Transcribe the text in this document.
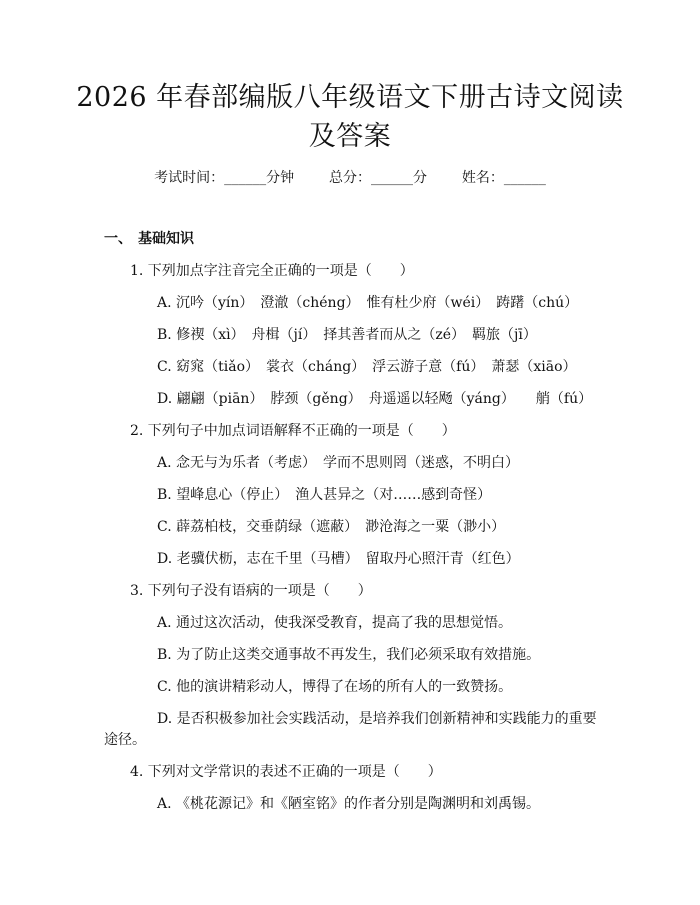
2026 年春部编版八年级语文下册古诗文阅读
及答案
考试时间：______分钟 总分：______分 姓名：______
一、 基础知识
1. 下列加点字注音完全正确的一项是（　　）
A. 沉吟（yín）　澄澈（chéng）　惟有杜少府（wéi）　踌躇（chú）
B. 修禊（xì）　舟楫（jí）　择其善者而从之（zé）　羁旅（jī）
C. 窈窕（tiǎo）　裳衣（cháng）　浮云游子意（fú）　萧瑟（xiāo）
D. 翩翩（piān）　脖颈（gěng）　舟遥遥以轻飏（yáng）　　艄（fú）
2. 下列句子中加点词语解释不正确的一项是（　　）
A. 念无与为乐者（考虑）　学而不思则罔（迷惑，不明白）
B. 望峰息心（停止）　渔人甚异之（对……感到奇怪）
C. 薜荔柏枝，交垂荫绿（遮蔽）　渺沧海之一粟（渺小）
D. 老骥伏枥，志在千里（马槽）　留取丹心照汗青（红色）
3. 下列句子没有语病的一项是（　　）
A. 通过这次活动，使我深受教育，提高了我的思想觉悟。
B. 为了防止这类交通事故不再发生，我们必须采取有效措施。
C. 他的演讲精彩动人，博得了在场的所有人的一致赞扬。
D. 是否积极参加社会实践活动，是培养我们创新精神和实践能力的重要
途径。
4. 下列对文学常识的表述不正确的一项是（　　）
A. 《桃花源记》和《陋室铭》的作者分别是陶渊明和刘禹锡。
